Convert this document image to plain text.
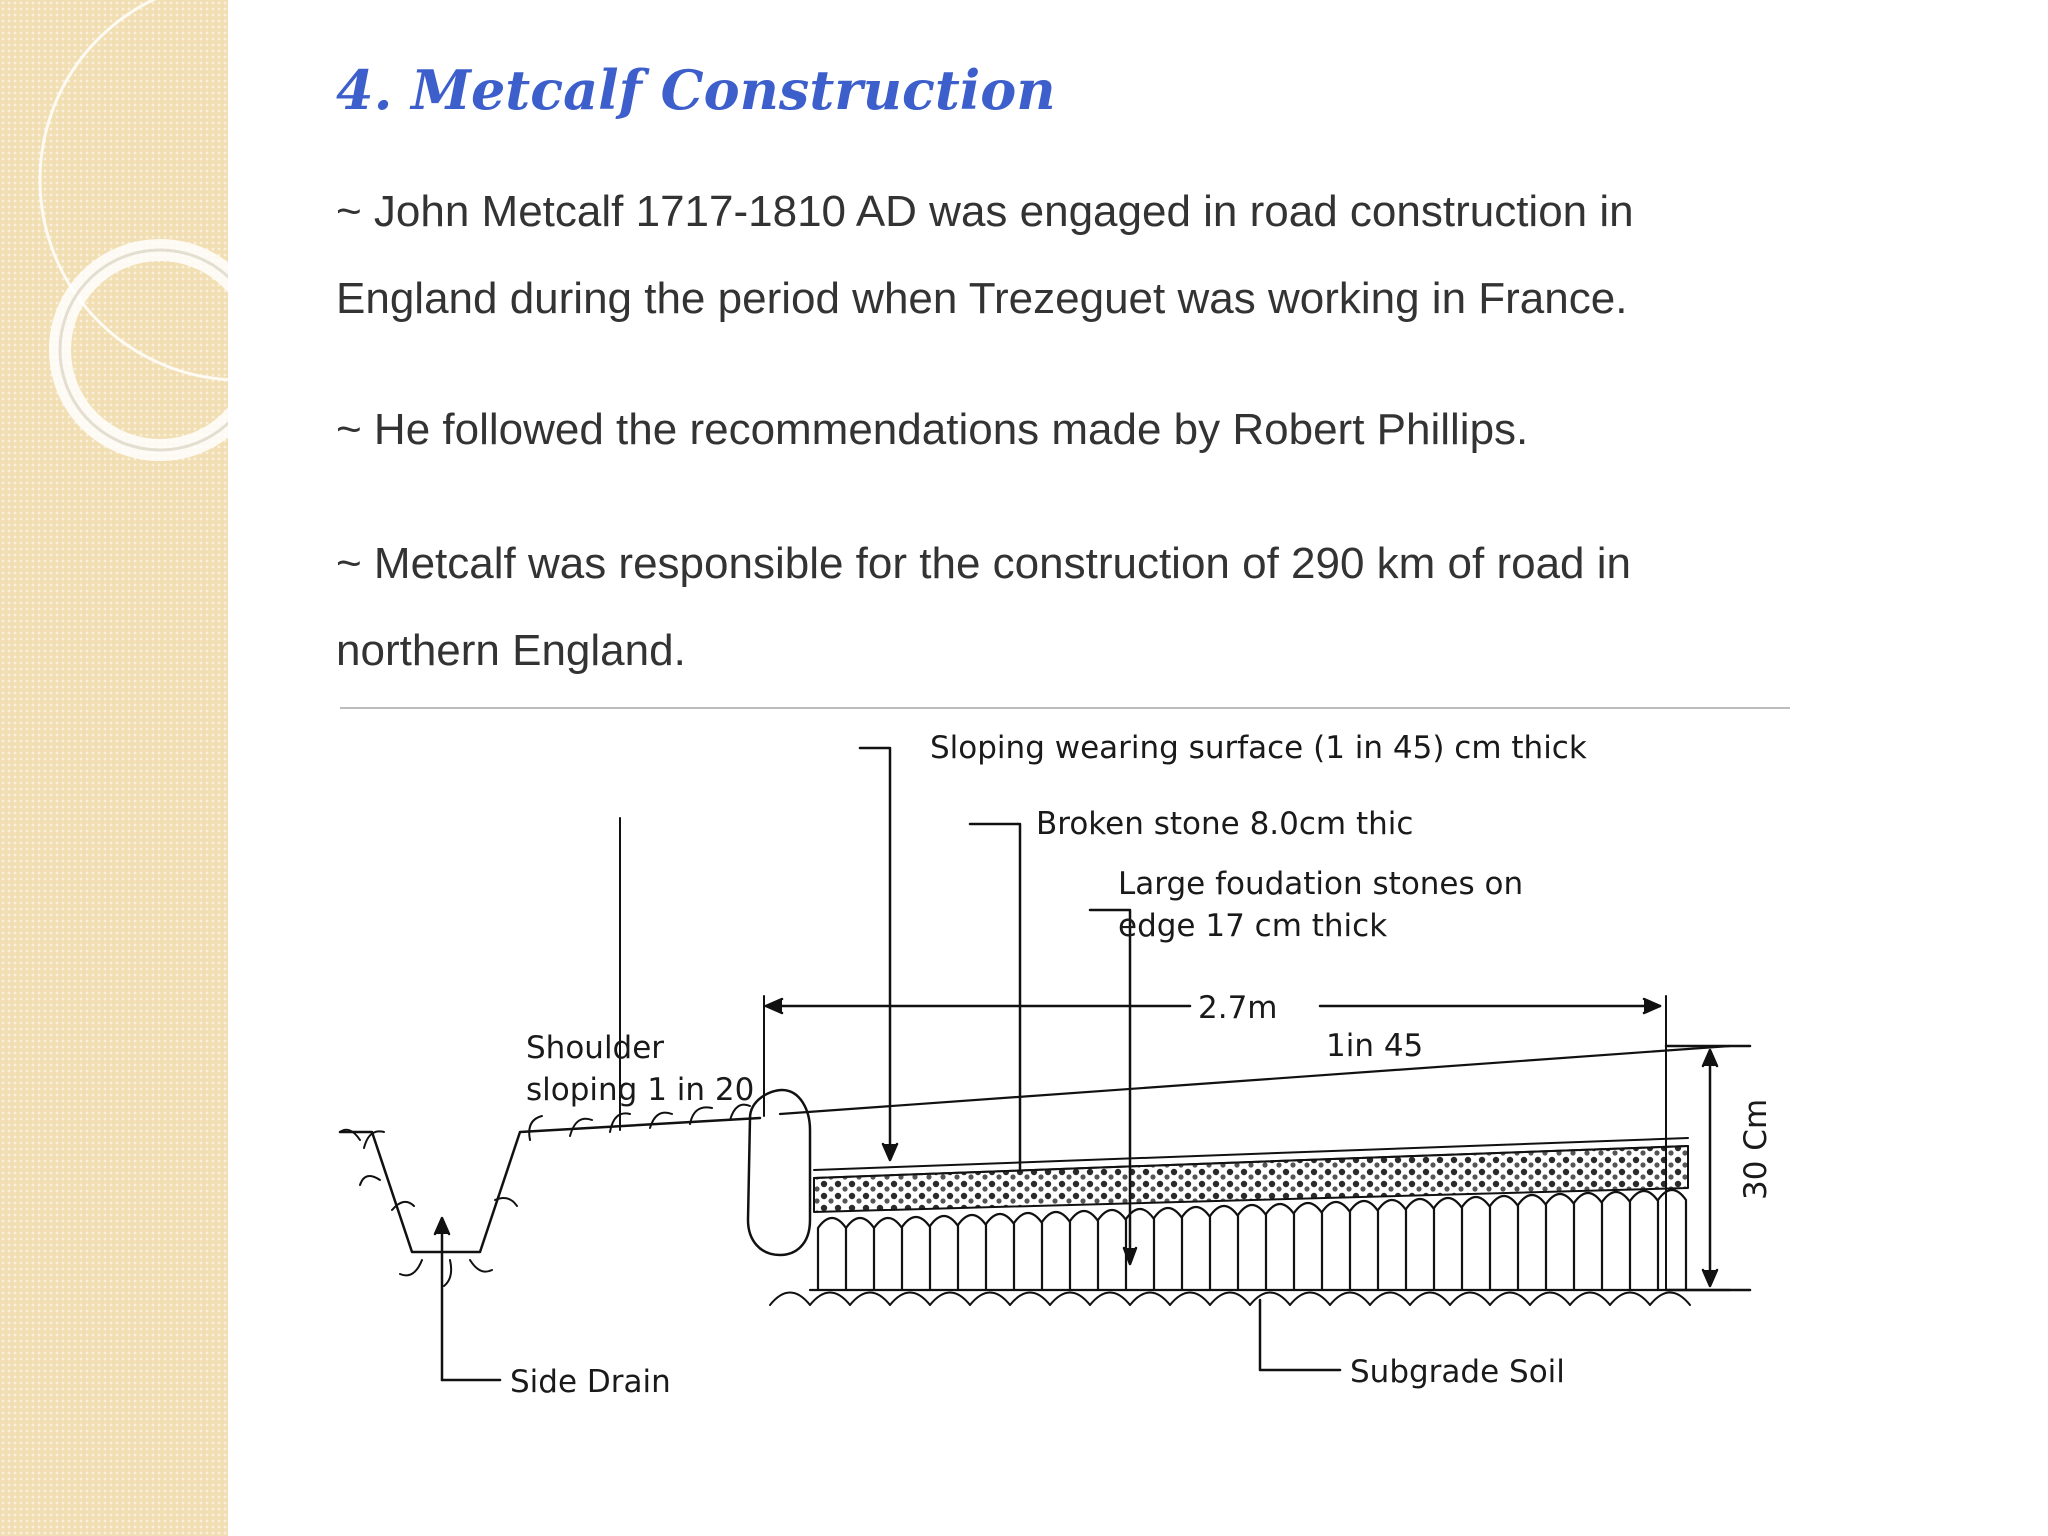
4. Metcalf Construction

~ John Metcalf 1717-1810 AD was engaged in road construction in
England during the period when Trezeguet was working in France.

~ He followed the recommendations made by Robert Phillips.

~ Metcalf was responsible for the construction of 290 km of road in
northern England.

Sloping wearing surface (1 in 45) cm thick
Broken stone 8.0cm thic
Large foudation stones on
edge 17 cm thick
2.7m
1in 45
Shoulder
sloping 1 in 20
30 Cm
Side Drain	Subgrade Soil
